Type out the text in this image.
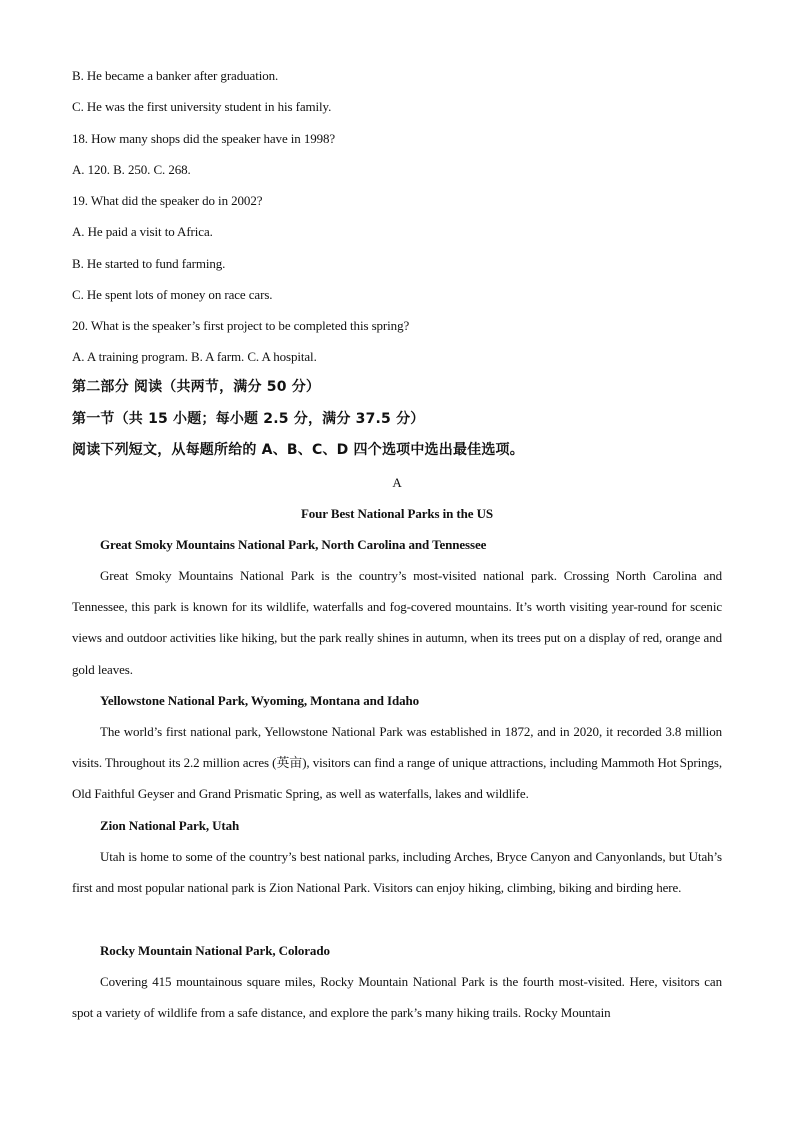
B. He became a banker after graduation.
C. He was the first university student in his family.
18. How many shops did the speaker have in 1998?
A. 120. B. 250. C. 268.
19. What did the speaker do in 2002?
A. He paid a visit to Africa.
B. He started to fund farming.
C. He spent lots of money on race cars.
20. What is the speaker’s first project to be completed this spring?
A. A training program. B. A farm. C. A hospital.
第二部分 阅读（共两节，满分 50 分）
第一节（共 15 小题；每小题 2.5 分，满分 37.5 分）
阅读下列短文，从每题所给的 A、B、C、D 四个选项中选出最佳选项。
A
Four Best National Parks in the US
Great Smoky Mountains National Park, North Carolina and Tennessee
Great Smoky Mountains National Park is the country’s most-visited national park. Crossing North Carolina and Tennessee, this park is known for its wildlife, waterfalls and fog-covered mountains. It’s worth visiting year-round for scenic views and outdoor activities like hiking, but the park really shines in autumn, when its trees put on a display of red, orange and gold leaves.
Yellowstone National Park, Wyoming, Montana and Idaho
The world’s first national park, Yellowstone National Park was established in 1872, and in 2020, it recorded 3.8 million visits. Throughout its 2.2 million acres (英亩), visitors can find a range of unique attractions, including Mammoth Hot Springs, Old Faithful Geyser and Grand Prismatic Spring, as well as waterfalls, lakes and wildlife.
Zion National Park, Utah
Utah is home to some of the country’s best national parks, including Arches, Bryce Canyon and Canyonlands, but Utah’s first and most popular national park is Zion National Park. Visitors can enjoy hiking, climbing, biking and birding here.
Rocky Mountain National Park, Colorado
Covering 415 mountainous square miles, Rocky Mountain National Park is the fourth most-visited. Here, visitors can spot a variety of wildlife from a safe distance, and explore the park’s many hiking trails. Rocky Mountain
